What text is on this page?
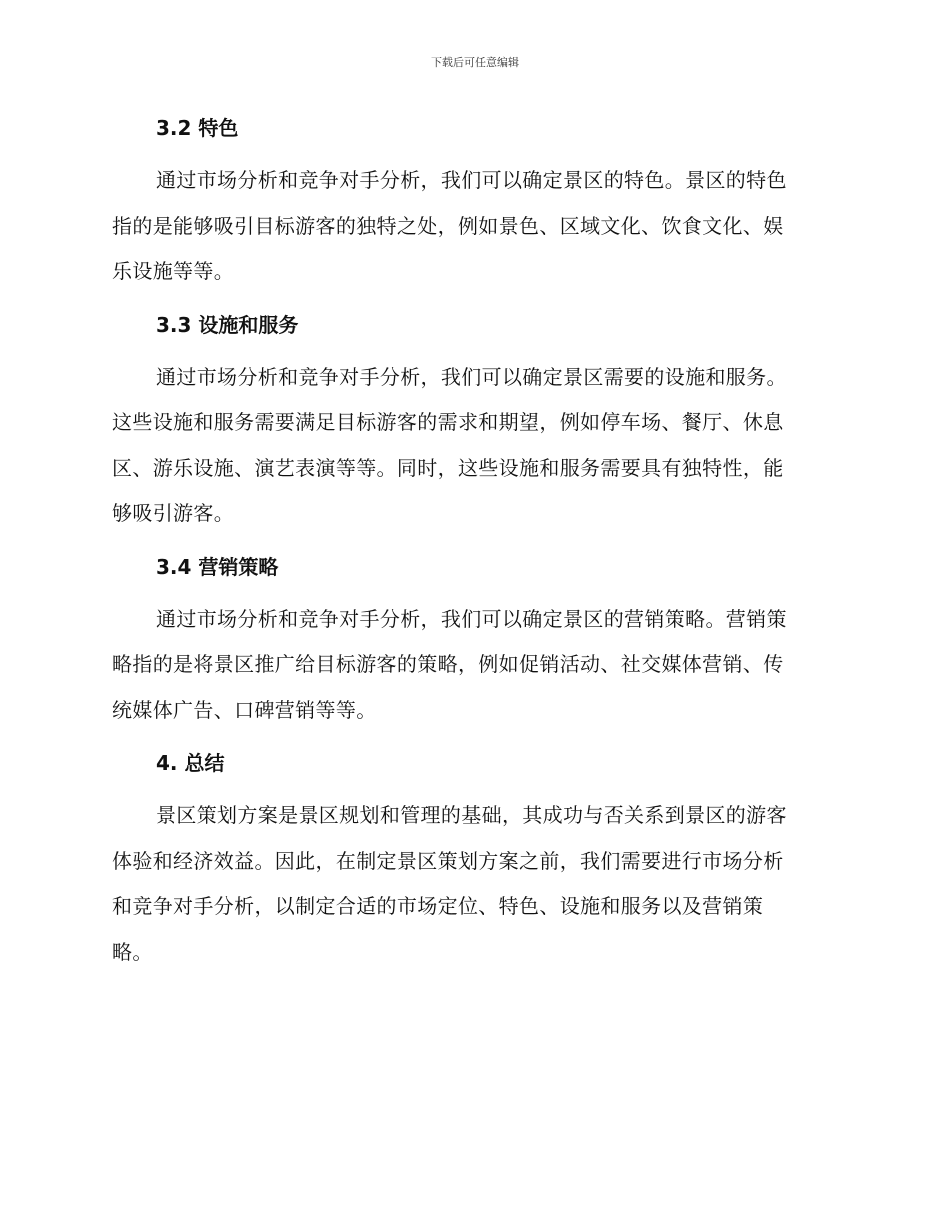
下载后可任意编辑
3.2 特色
通过市场分析和竞争对手分析，我们可以确定景区的特色。景区的特色
指的是能够吸引目标游客的独特之处，例如景色、区域文化、饮食文化、娱
乐设施等等。
3.3 设施和服务
通过市场分析和竞争对手分析，我们可以确定景区需要的设施和服务。
这些设施和服务需要满足目标游客的需求和期望，例如停车场、餐厅、休息
区、游乐设施、演艺表演等等。同时，这些设施和服务需要具有独特性，能
够吸引游客。
3.4 营销策略
通过市场分析和竞争对手分析，我们可以确定景区的营销策略。营销策
略指的是将景区推广给目标游客的策略，例如促销活动、社交媒体营销、传
统媒体广告、口碑营销等等。
4. 总结
景区策划方案是景区规划和管理的基础，其成功与否关系到景区的游客
体验和经济效益。因此，在制定景区策划方案之前，我们需要进行市场分析
和竞争对手分析，以制定合适的市场定位、特色、设施和服务以及营销策
略。
